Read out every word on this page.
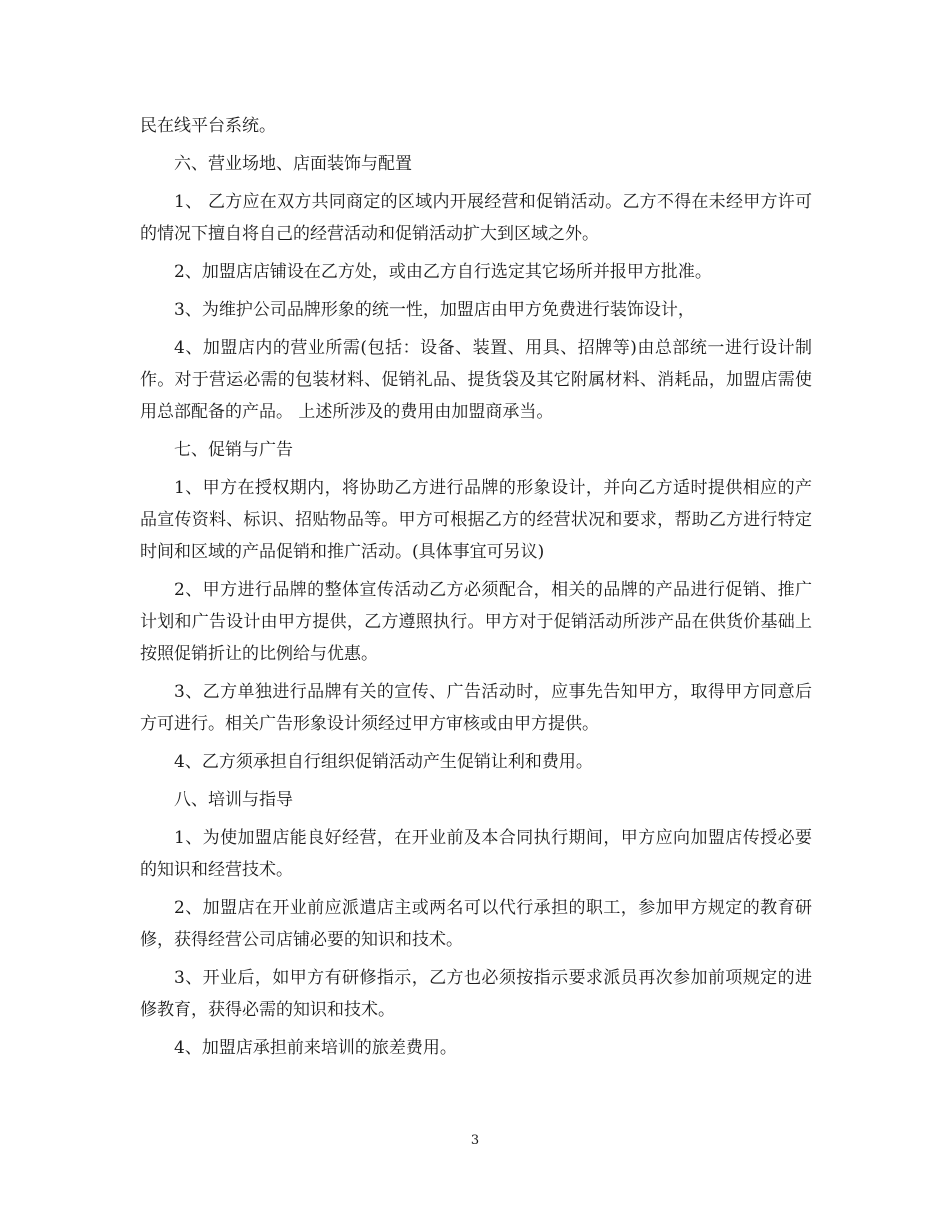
民在线平台系统。

六、营业场地、店面装饰与配置

1、 乙方应在双方共同商定的区域内开展经营和促销活动。乙方不得在未经甲方许可的情况下擅自将自己的经营活动和促销活动扩大到区域之外。

2、加盟店店铺设在乙方处，或由乙方自行选定其它场所并报甲方批准。

3、为维护公司品牌形象的统一性，加盟店由甲方免费进行装饰设计，

4、加盟店内的营业所需(包括：设备、装置、用具、招牌等)由总部统一进行设计制作。对于营运必需的包装材料、促销礼品、提货袋及其它附属材料、消耗品，加盟店需使用总部配备的产品。 上述所涉及的费用由加盟商承当。

七、促销与广告

1、甲方在授权期内，将协助乙方进行品牌的形象设计，并向乙方适时提供相应的产品宣传资料、标识、招贴物品等。甲方可根据乙方的经营状况和要求，帮助乙方进行特定时间和区域的产品促销和推广活动。(具体事宜可另议)

2、甲方进行品牌的整体宣传活动乙方必须配合，相关的品牌的产品进行促销、推广计划和广告设计由甲方提供，乙方遵照执行。甲方对于促销活动所涉产品在供货价基础上按照促销折让的比例给与优惠。

3、乙方单独进行品牌有关的宣传、广告活动时，应事先告知甲方，取得甲方同意后方可进行。相关广告形象设计须经过甲方审核或由甲方提供。

4、乙方须承担自行组织促销活动产生促销让利和费用。

八、培训与指导

1、为使加盟店能良好经营，在开业前及本合同执行期间，甲方应向加盟店传授必要的知识和经营技术。

2、加盟店在开业前应派遣店主或两名可以代行承担的职工，参加甲方规定的教育研修，获得经营公司店铺必要的知识和技术。

3、开业后，如甲方有研修指示，乙方也必须按指示要求派员再次参加前项规定的进修教育，获得必需的知识和技术。

4、加盟店承担前来培训的旅差费用。

3
